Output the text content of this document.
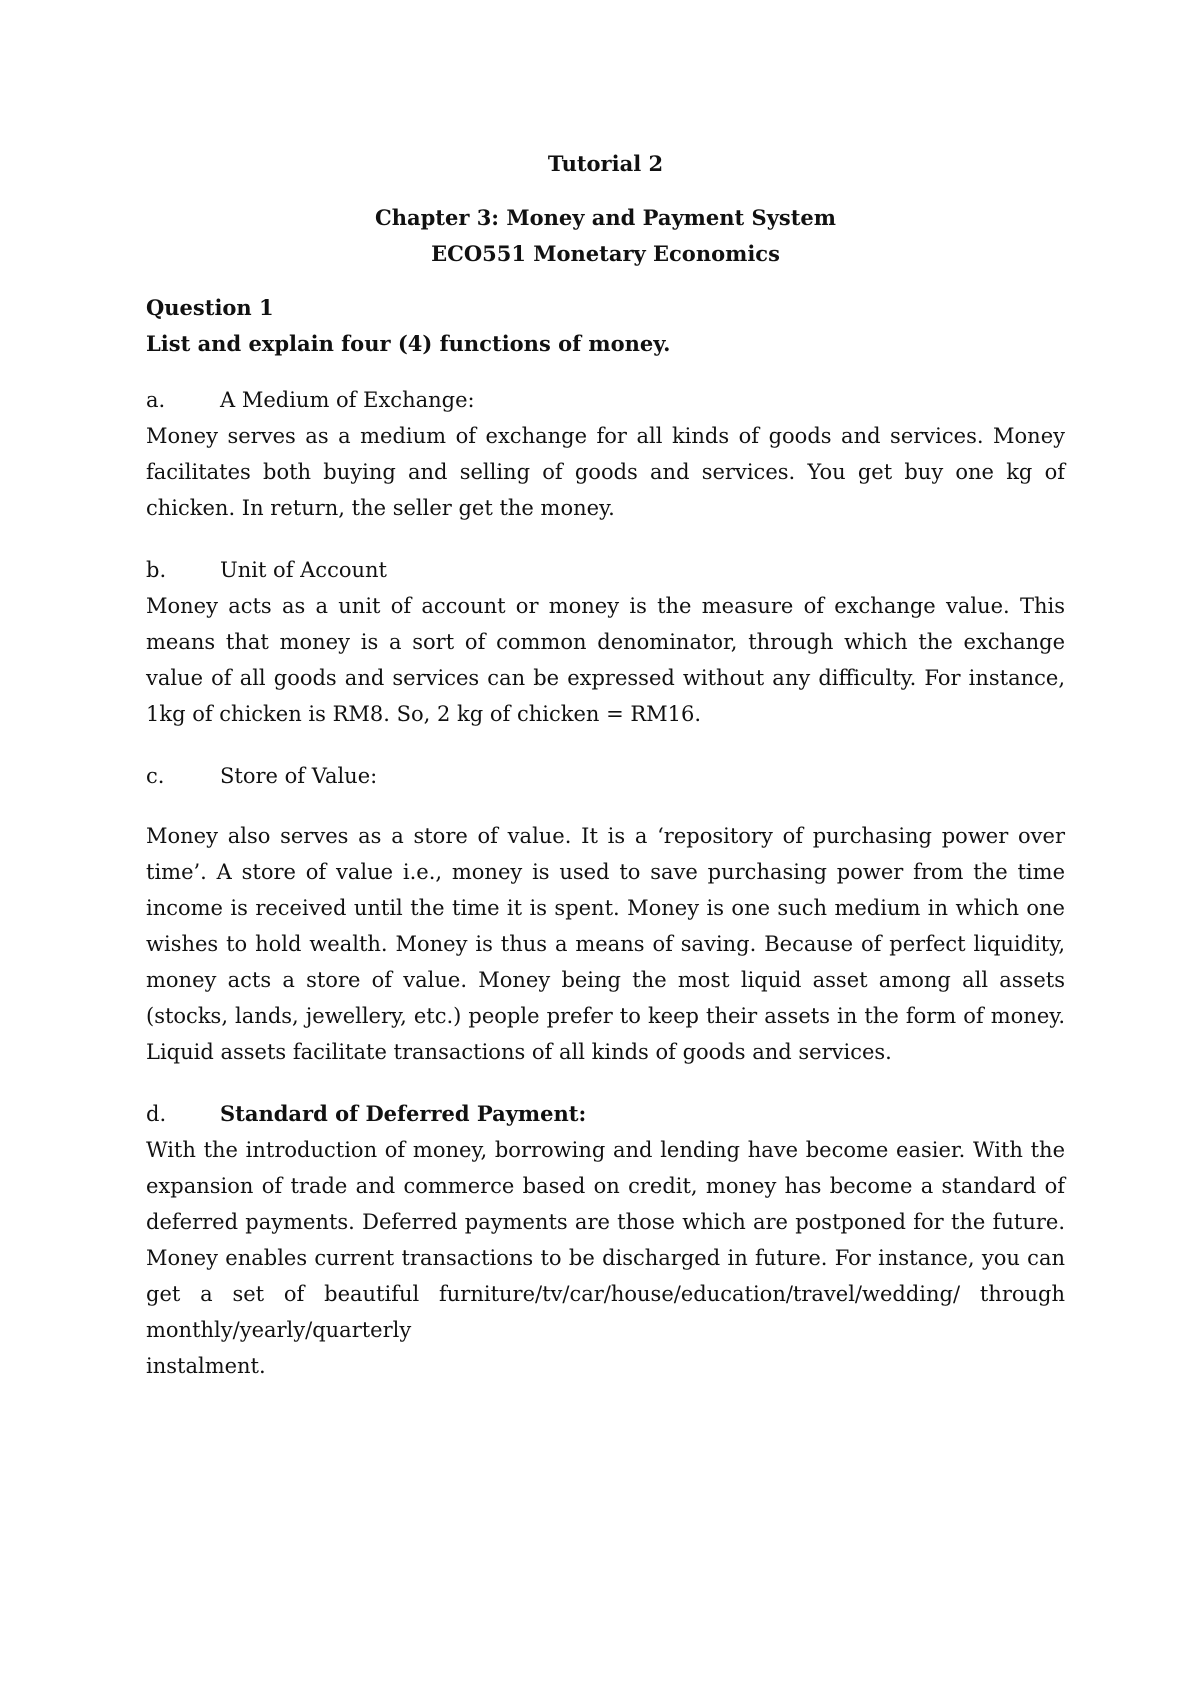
Tutorial 2
Chapter 3: Money and Payment System
ECO551 Monetary Economics
Question 1
List and explain four (4) functions of money.
a.	A Medium of Exchange:

Money serves as a medium of exchange for all kinds of goods and services. Money facilitates both buying and selling of goods and services. You get buy one kg of chicken. In return, the seller get the money.

b.	Unit of Account

Money acts as a unit of account or money is the measure of exchange value. This means that money is a sort of common denominator, through which the exchange value of all goods and services can be expressed without any difficulty. For instance, 1kg of chicken is RM8. So, 2 kg of chicken = RM16.

c.	Store of Value:

Money also serves as a store of value. It is a ‘repository of purchasing power over time’. A store of value i.e., money is used to save purchasing power from the time income is received until the time it is spent. Money is one such medium in which one wishes to hold wealth. Money is thus a means of saving. Because of perfect liquidity, money acts a store of value. Money being the most liquid asset among all assets (stocks, lands, jewellery, etc.) people prefer to keep their assets in the form of money. Liquid assets facilitate transactions of all kinds of goods and services.

d.	Standard of Deferred Payment:

With the introduction of money, borrowing and lending have become easier. With the expansion of trade and commerce based on credit, money has become a standard of deferred payments. Deferred payments are those which are postponed for the future. Money enables current transactions to be discharged in future. For instance, you can get a set of beautiful furniture/tv/car/house/education/travel/wedding/ through monthly/yearly/quarterly

instalment.
